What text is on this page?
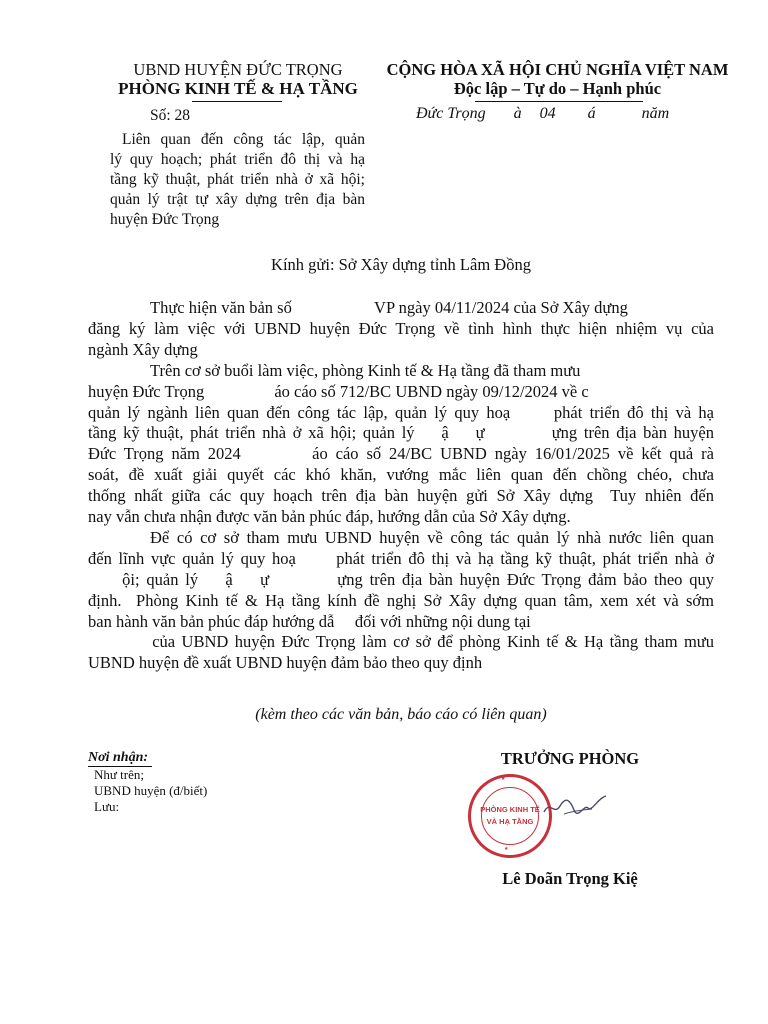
UBND HUYỆN ĐỨC TRỌNG
PHÒNG KINH TẾ & HẠ TẦNG
Số: 28
CỘNG HÒA XÃ HỘI CHỦ NGHĨA VIỆT NAM
Độc lập – Tự do – Hạnh phúc
Đức Trọng à 04 á	năm
Liên quan đến công tác lập, quản
lý quy hoạch; phát triển đô thị và hạ
tầng kỹ thuật, phát triển nhà ở xã hội;
quản lý trật tự xây dựng trên địa bàn
huyện Đức Trọng
Kính gửi: Sở Xây dựng tỉnh Lâm Đồng
Thực hiện văn bản số                    VP ngày 04/11/2024 của Sở Xây dựng
đăng ký làm việc với UBND huyện Đức Trọng về tình hình thực hiện nhiệm vụ của
ngành Xây dựng
Trên cơ sở buổi làm việc, phòng Kinh tế & Hạ tầng đã tham mưu
huyện Đức Trọng                 áo cáo số 712/BC UBND ngày 09/12/2024 về c
quản lý ngành liên quan đến công tác lập, quản lý quy hoạ      phát triển đô thị và hạ
tầng kỹ thuật, phát triển nhà ở xã hội; quản lý    ậ    ự          ựng trên địa bàn huyện
Đức Trọng năm 2024         áo cáo số 24/BC UBND ngày 16/01/2025 về kết quả rà
soát, đề xuất giải quyết các khó khăn, vướng mắc liên quan đến chồng chéo, chưa
thống nhất giữa các quy hoạch trên địa bàn huyện gửi Sở Xây dựng  Tuy nhiên đến
nay vẫn chưa nhận được văn bản phúc đáp, hướng dẫn của Sở Xây dựng.
Để có cơ sở tham mưu UBND huyện về công tác quản lý nhà nước liên quan
đến lĩnh vực quản lý quy hoạ      phát triển đô thị và hạ tầng kỹ thuật, phát triển nhà ở
ội; quản lý    ậ    ự          ựng trên địa bàn huyện Đức Trọng đảm bảo theo quy
định.  Phòng Kinh tế & Hạ tầng kính đề nghị Sở Xây dựng quan tâm, xem xét và sớm
ban hành văn bản phúc đáp hướng dẫ     đối với những nội dung tại
của UBND huyện Đức Trọng làm cơ sở để phòng Kinh tế & Hạ tầng tham mưu
UBND huyện đề xuất UBND huyện đảm bảo theo quy định
(kèm theo các văn bản, báo cáo có liên quan)
Nơi nhận:
Như trên;
UBND huyện (đ/biết)
Lưu:
TRƯỞNG PHÒNG
PHÒNG KINH TẾ
VÀ HẠ TẦNG
★
★
Lê Doãn Trọng Kiệ
